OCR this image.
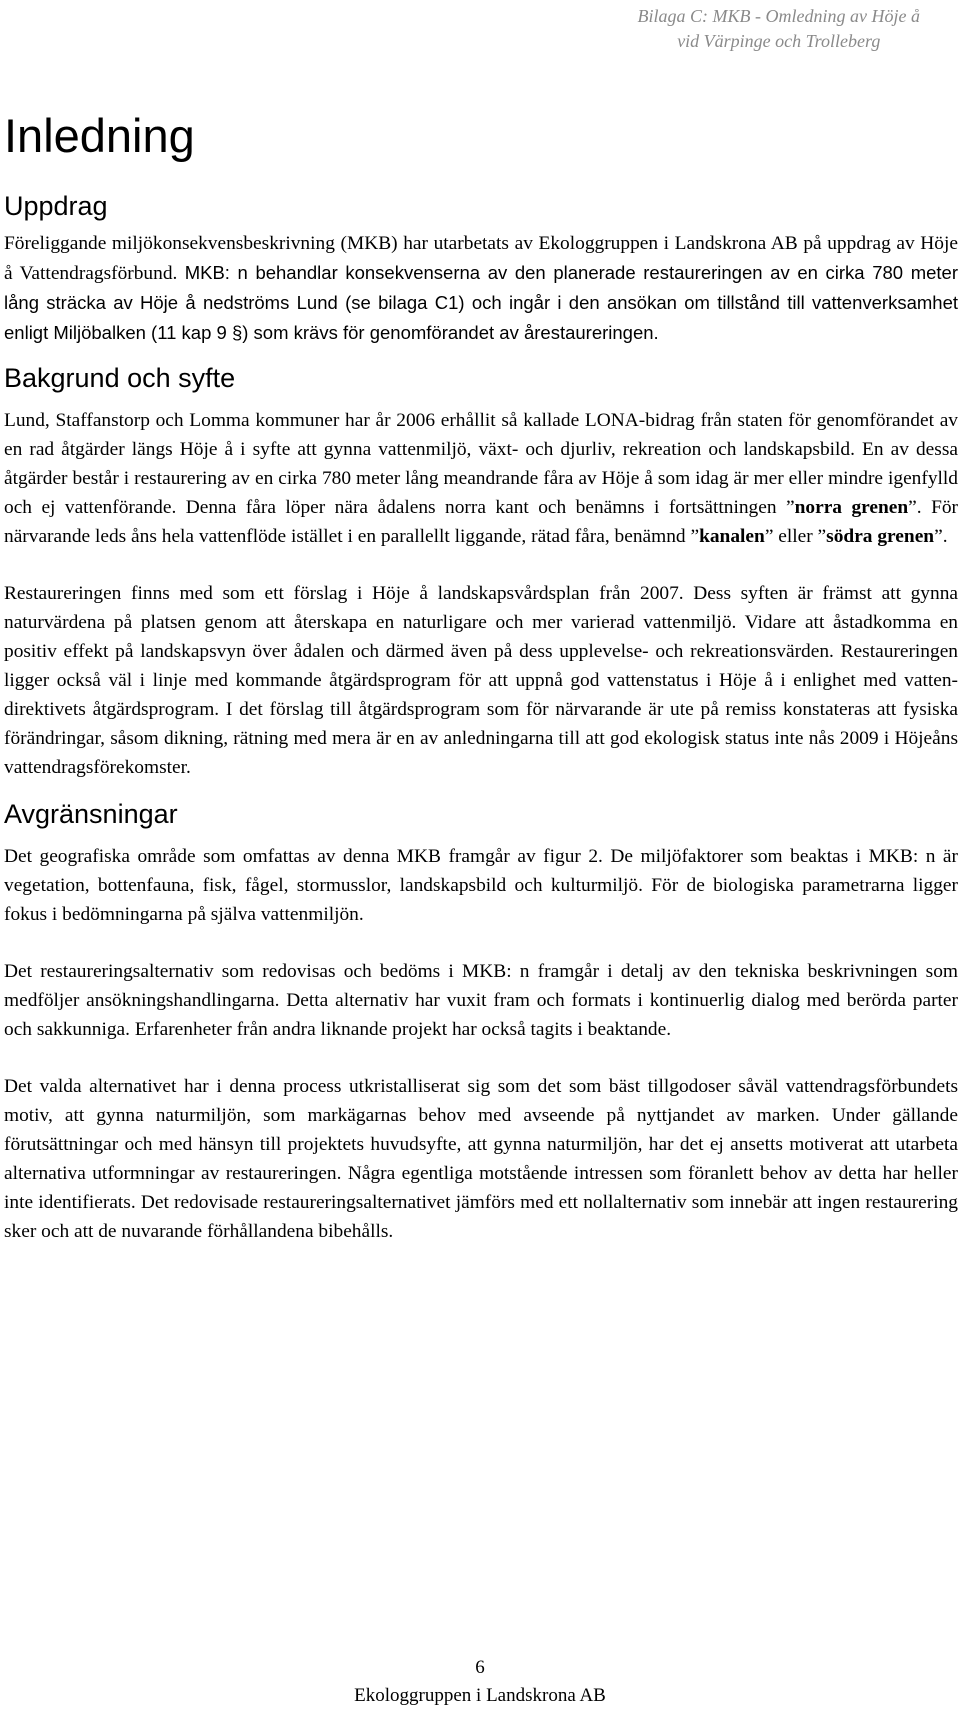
Bilaga C: MKB - Omledning av Höje å
vid Värpinge och Trolleberg
Inledning
Uppdrag

Föreliggande miljökonsekvensbeskrivning (MKB) har utarbetats av Ekologgruppen i Landskrona AB på uppdrag av Höje å Vattendragsförbund. MKB: n behandlar konsekvenserna av den planerade restaureringen av en cirka 780 meter lång sträcka av Höje å nedströms Lund (se bilaga C1) och ingår i den ansökan om tillstånd till vattenverksamhet enligt Miljöbalken (11 kap 9 §) som krävs för genomförandet av årestaureringen.

Bakgrund och syfte

Lund, Staffanstorp och Lomma kommuner har år 2006 erhållit så kallade LONA-bidrag från staten för genomförandet av en rad åtgärder längs Höje å i syfte att gynna vattenmiljö, växt- och djurliv, rekreation och landskapsbild. En av dessa åtgärder består i restaurering av en cirka 780 meter lång meandrande fåra av Höje å som idag är mer eller mindre igenfylld och ej vattenförande. Denna fåra löper nära ådalens norra kant och benämns i fortsättningen ”norra grenen”. För närvarande leds åns hela vattenflöde istället i en parallellt liggande, rätad fåra, benämnd ”kanalen” eller ”södra grenen”.

Restaureringen finns med som ett förslag i Höje å landskapsvårdsplan från 2007. Dess syften är främst att gynna naturvärdena på platsen genom att återskapa en naturligare och mer varierad vattenmiljö. Vidare att åstadkomma en positiv effekt på landskapsvyn över ådalen och därmed även på dess upplevelse- och rekreationsvärden. Restaureringen ligger också väl i linje med kommande åtgärdsprogram för att uppnå god vattenstatus i Höje å i enlighet med vattendirektivets åtgärdsprogram. I det förslag till åtgärdsprogram som för närvarande är ute på remiss konstateras att fysiska förändringar, såsom dikning, rätning med mera är en av anledningarna till att god ekologisk status inte nås 2009 i Höjeåns vattendragsförekomster.

Avgränsningar

Det geografiska område som omfattas av denna MKB framgår av figur 2. De miljöfaktorer som beaktas i MKB: n är vegetation, bottenfauna, fisk, fågel, stormusslor, landskapsbild och kulturmiljö. För de biologiska parametrarna ligger fokus i bedömningarna på själva vattenmiljön.

Det restaureringsalternativ som redovisas och bedöms i MKB: n framgår i detalj av den tekniska beskrivningen som medföljer ansökningshandlingarna. Detta alternativ har vuxit fram och formats i kontinuerlig dialog med berörda parter och sakkunniga. Erfarenheter från andra liknande projekt har också tagits i beaktande.

Det valda alternativet har i denna process utkristalliserat sig som det som bäst tillgodoser såväl vattendragsförbundets motiv, att gynna naturmiljön, som markägarnas behov med avseende på nyttjandet av marken. Under gällande förutsättningar och med hänsyn till projektets huvudsyfte, att gynna naturmiljön, har det ej ansetts motiverat att utarbeta alternativa utformningar av restaureringen. Några egentliga motstående intressen som föranlett behov av detta har heller inte identifierats. Det redovisade restaureringsalternativet jämförs med ett nollalternativ som innebär att ingen restaurering sker och att de nuvarande förhållandena bibehålls.

6
Ekologgruppen i Landskrona AB
